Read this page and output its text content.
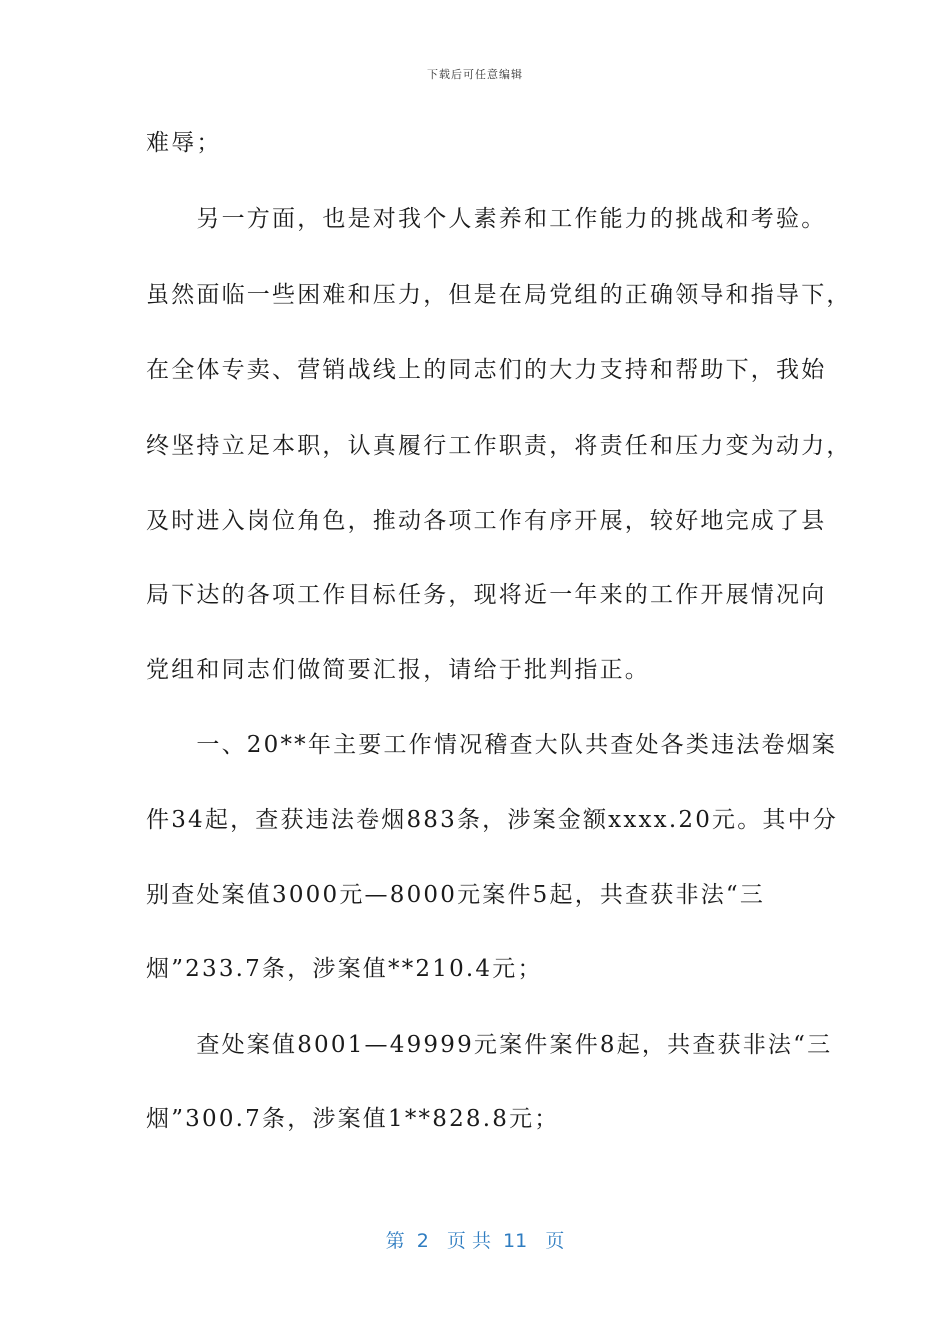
下载后可任意编辑
难辱；
　　另一方面，也是对我个人素养和工作能力的挑战和考验。
虽然面临一些困难和压力，但是在局党组的正确领导和指导下，
在全体专卖、营销战线上的同志们的大力支持和帮助下，我始
终坚持立足本职，认真履行工作职责，将责任和压力变为动力，
及时进入岗位角色，推动各项工作有序开展，较好地完成了县
局下达的各项工作目标任务，现将近一年来的工作开展情况向
党组和同志们做简要汇报，请给于批判指正。
　　一、20**年主要工作情况稽查大队共查处各类违法卷烟案
件34起，查获违法卷烟883条，涉案金额xxxx.20元。其中分
别查处案值3000元—8000元案件5起，共查获非法“三
烟”233.7条，涉案值**210.4元；
　　查处案值8001—49999元案件案件8起，共查获非法“三
烟”300.7条，涉案值1**828.8元；
第  2   页 共  11   页
